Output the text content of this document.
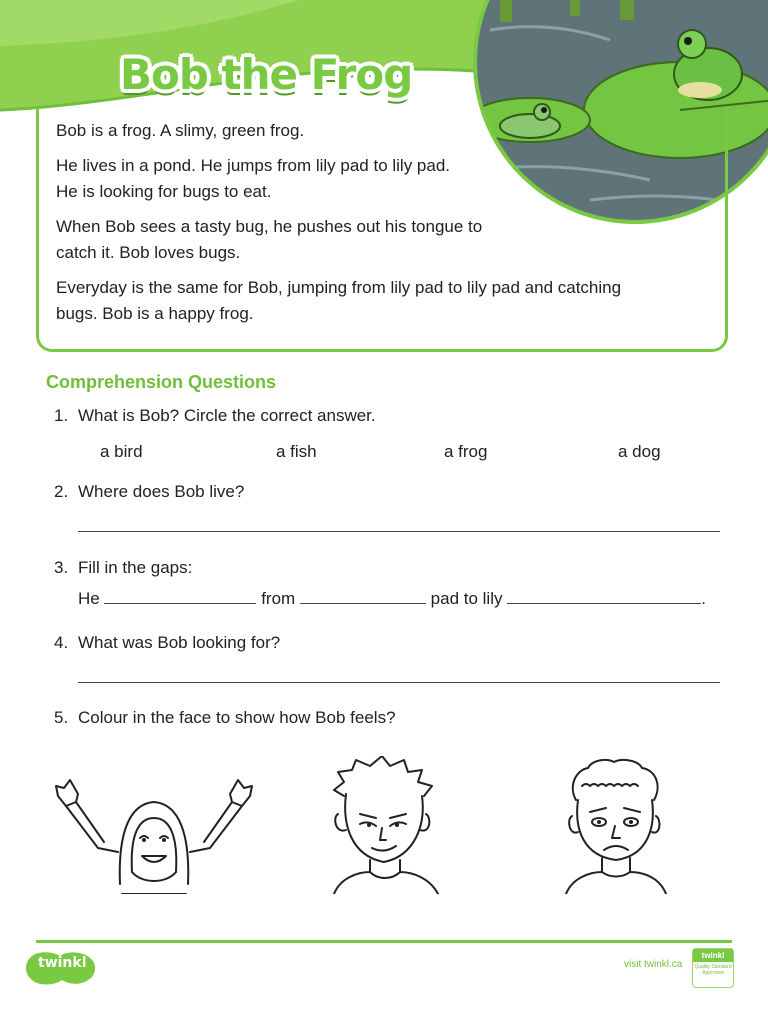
Bob the Frog

Bob is a frog. A slimy, green frog.

He lives in a pond. He jumps from lily pad to lily pad.
He is looking for bugs to eat.

When Bob sees a tasty bug, he pushes out his tongue to
catch it. Bob loves bugs.

Everyday is the same for Bob, jumping from lily pad to lily pad and catching
bugs. Bob is a happy frog.

Comprehension Questions
1. What is Bob? Circle the correct answer.
a bird	a fish	a frog	a dog
2. Where does Bob live?
3. Fill in the gaps:
He	from	pad to lily	.
4. What was Bob looking for?
5. Colour in the face to show how Bob feels?
twinkl	visit twinkl.ca
twinkl
Quality Standard Approved
